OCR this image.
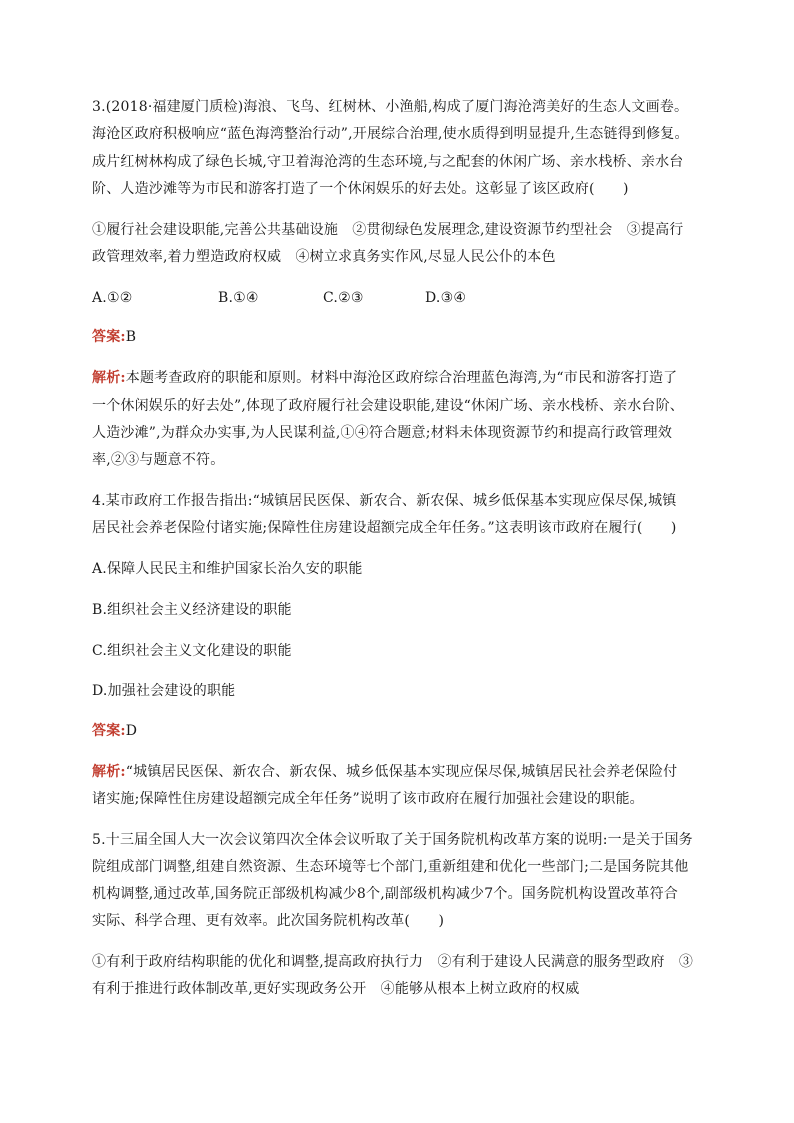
3.(2018·福建厦门质检)海浪、飞鸟、红树林、小渔船,构成了厦门海沧湾美好的生态人文画卷。
海沧区政府积极响应“蓝色海湾整治行动”,开展综合治理,使水质得到明显提升,生态链得到修复。
成片红树林构成了绿色长城,守卫着海沧湾的生态环境,与之配套的休闲广场、亲水栈桥、亲水台
阶、人造沙滩等为市民和游客打造了一个休闲娱乐的好去处。这彰显了该区政府(　　)
①履行社会建设职能,完善公共基础设施　②贯彻绿色发展理念,建设资源节约型社会　③提高行
政管理效率,着力塑造政府权威　④树立求真务实作风,尽显人民公仆的本色
A.①②	B.①④	C.②③	D.③④
答案:B
解析:本题考查政府的职能和原则。材料中海沧区政府综合治理蓝色海湾,为“市民和游客打造了
一个休闲娱乐的好去处”,体现了政府履行社会建设职能,建设“休闲广场、亲水栈桥、亲水台阶、
人造沙滩”,为群众办实事,为人民谋利益,①④符合题意;材料未体现资源节约和提高行政管理效
率,②③与题意不符。
4.某市政府工作报告指出:“城镇居民医保、新农合、新农保、城乡低保基本实现应保尽保,城镇
居民社会养老保险付诸实施;保障性住房建设超额完成全年任务。”这表明该市政府在履行(　　)
A.保障人民民主和维护国家长治久安的职能
B.组织社会主义经济建设的职能
C.组织社会主义文化建设的职能
D.加强社会建设的职能
答案:D
解析:“城镇居民医保、新农合、新农保、城乡低保基本实现应保尽保,城镇居民社会养老保险付
诸实施;保障性住房建设超额完成全年任务”说明了该市政府在履行加强社会建设的职能。
5.十三届全国人大一次会议第四次全体会议听取了关于国务院机构改革方案的说明:一是关于国务
院组成部门调整,组建自然资源、生态环境等七个部门,重新组建和优化一些部门;二是国务院其他
机构调整,通过改革,国务院正部级机构减少8个,副部级机构减少7个。国务院机构设置改革符合
实际、科学合理、更有效率。此次国务院机构改革(　　)
①有利于政府结构职能的优化和调整,提高政府执行力　②有利于建设人民满意的服务型政府　③
有利于推进行政体制改革,更好实现政务公开　④能够从根本上树立政府的权威
